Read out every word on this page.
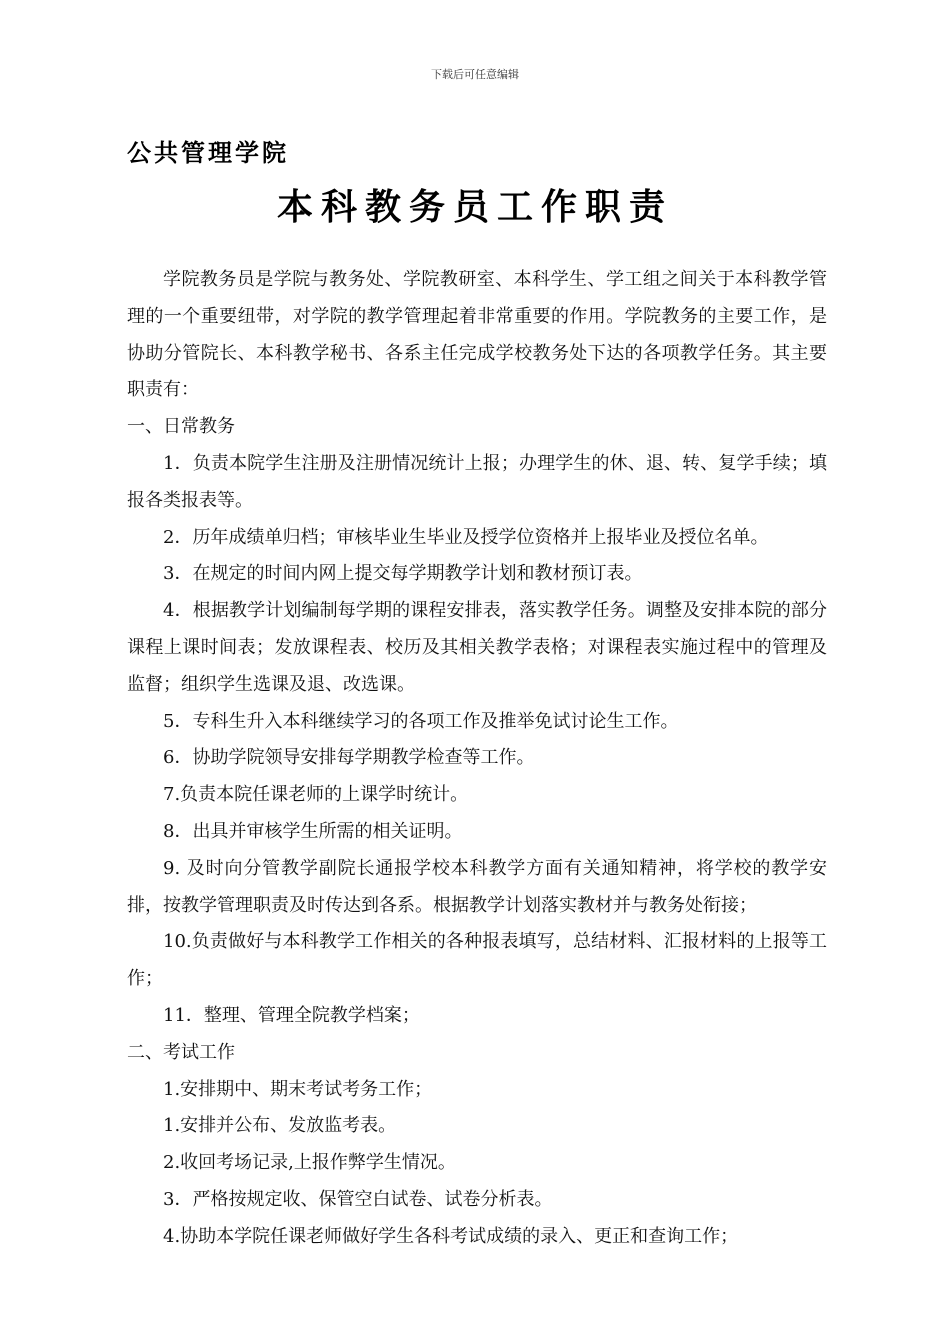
下载后可任意编辑
公共管理学院
本科教务员工作职责

学院教务员是学院与教务处、学院教研室、本科学生、学工组之间关于本科教学管理的一个重要纽带，对学院的教学管理起着非常重要的作用。学院教务的主要工作，是协助分管院长、本科教学秘书、各系主任完成学校教务处下达的各项教学任务。其主要职责有：

一、日常教务

1．负责本院学生注册及注册情况统计上报；办理学生的休、退、转、复学手续；填报各类报表等。

2．历年成绩单归档；审核毕业生毕业及授学位资格并上报毕业及授位名单。

3．在规定的时间内网上提交每学期教学计划和教材预订表。

4．根据教学计划编制每学期的课程安排表，落实教学任务。调整及安排本院的部分课程上课时间表；发放课程表、校历及其相关教学表格；对课程表实施过程中的管理及监督；组织学生选课及退、改选课。

5．专科生升入本科继续学习的各项工作及推举免试讨论生工作。

6．协助学院领导安排每学期教学检查等工作。

7.负责本院任课老师的上课学时统计。

8．出具并审核学生所需的相关证明。

9. 及时向分管教学副院长通报学校本科教学方面有关通知精神，将学校的教学安排，按教学管理职责及时传达到各系。根据教学计划落实教材并与教务处衔接；

10.负责做好与本科教学工作相关的各种报表填写，总结材料、汇报材料的上报等工作；

11．整理、管理全院教学档案；

二、考试工作

1.安排期中、期末考试考务工作；

1.安排并公布、发放监考表。

2.收回考场记录,上报作弊学生情况。

3．严格按规定收、保管空白试卷、试卷分析表。

4.协助本学院任课老师做好学生各科考试成绩的录入、更正和查询工作；
